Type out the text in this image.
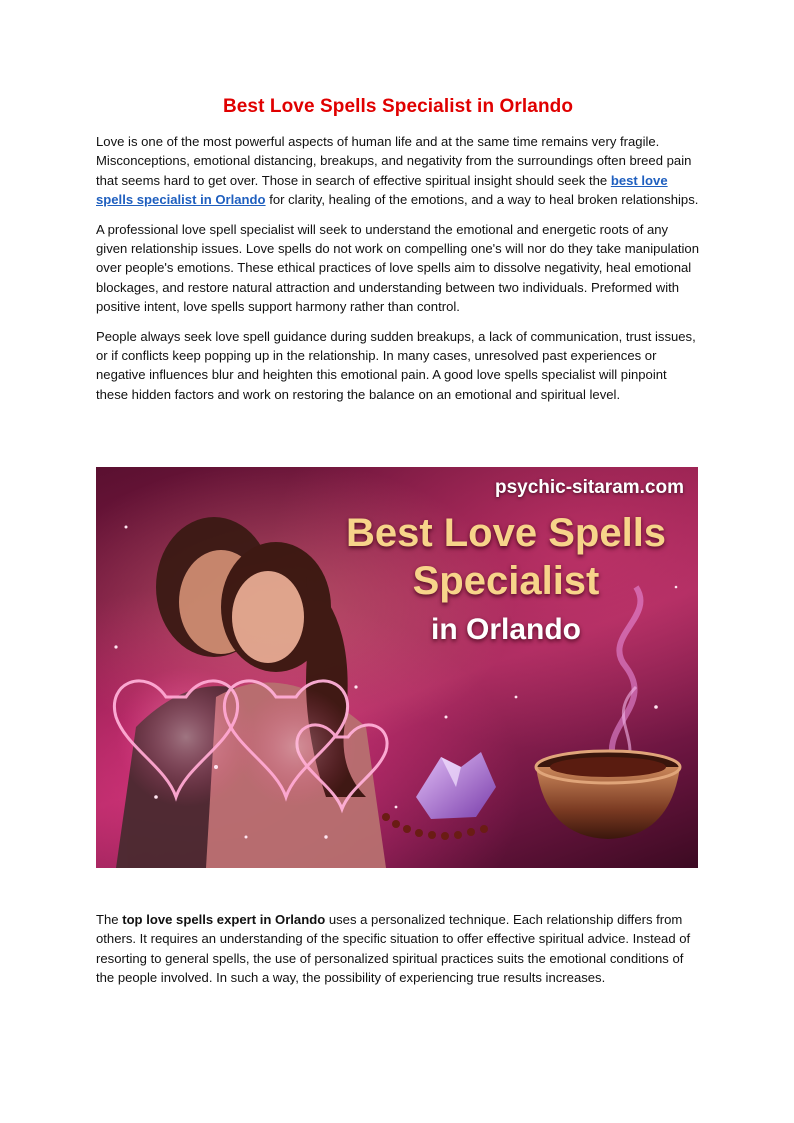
Best Love Spells Specialist in Orlando

Love is one of the most powerful aspects of human life and at the same time remains very fragile. Misconceptions, emotional distancing, breakups, and negativity from the surroundings often breed pain that seems hard to get over. Those in search of effective spiritual insight should seek the best love spells specialist in Orlando for clarity, healing of the emotions, and a way to heal broken relationships.

A professional love spell specialist will seek to understand the emotional and energetic roots of any given relationship issues. Love spells do not work on compelling one's will nor do they take manipulation over people's emotions. These ethical practices of love spells aim to dissolve negativity, heal emotional blockages, and restore natural attraction and understanding between two individuals. Preformed with positive intent, love spells support harmony rather than control.

People always seek love spell guidance during sudden breakups, a lack of communication, trust issues, or if conflicts keep popping up in the relationship. In many cases, unresolved past experiences or negative influences blur and heighten this emotional pain. A good love spells specialist will pinpoint these hidden factors and work on restoring the balance on an emotional and spiritual level.

psychic-sitaram.com
Best Love Spells
Specialist
in Orlando

The top love spells expert in Orlando uses a personalized technique. Each relationship differs from others. It requires an understanding of the specific situation to offer effective spiritual advice. Instead of resorting to general spells, the use of personalized spiritual practices suits the emotional conditions of the people involved. In such a way, the possibility of experiencing true results increases.
